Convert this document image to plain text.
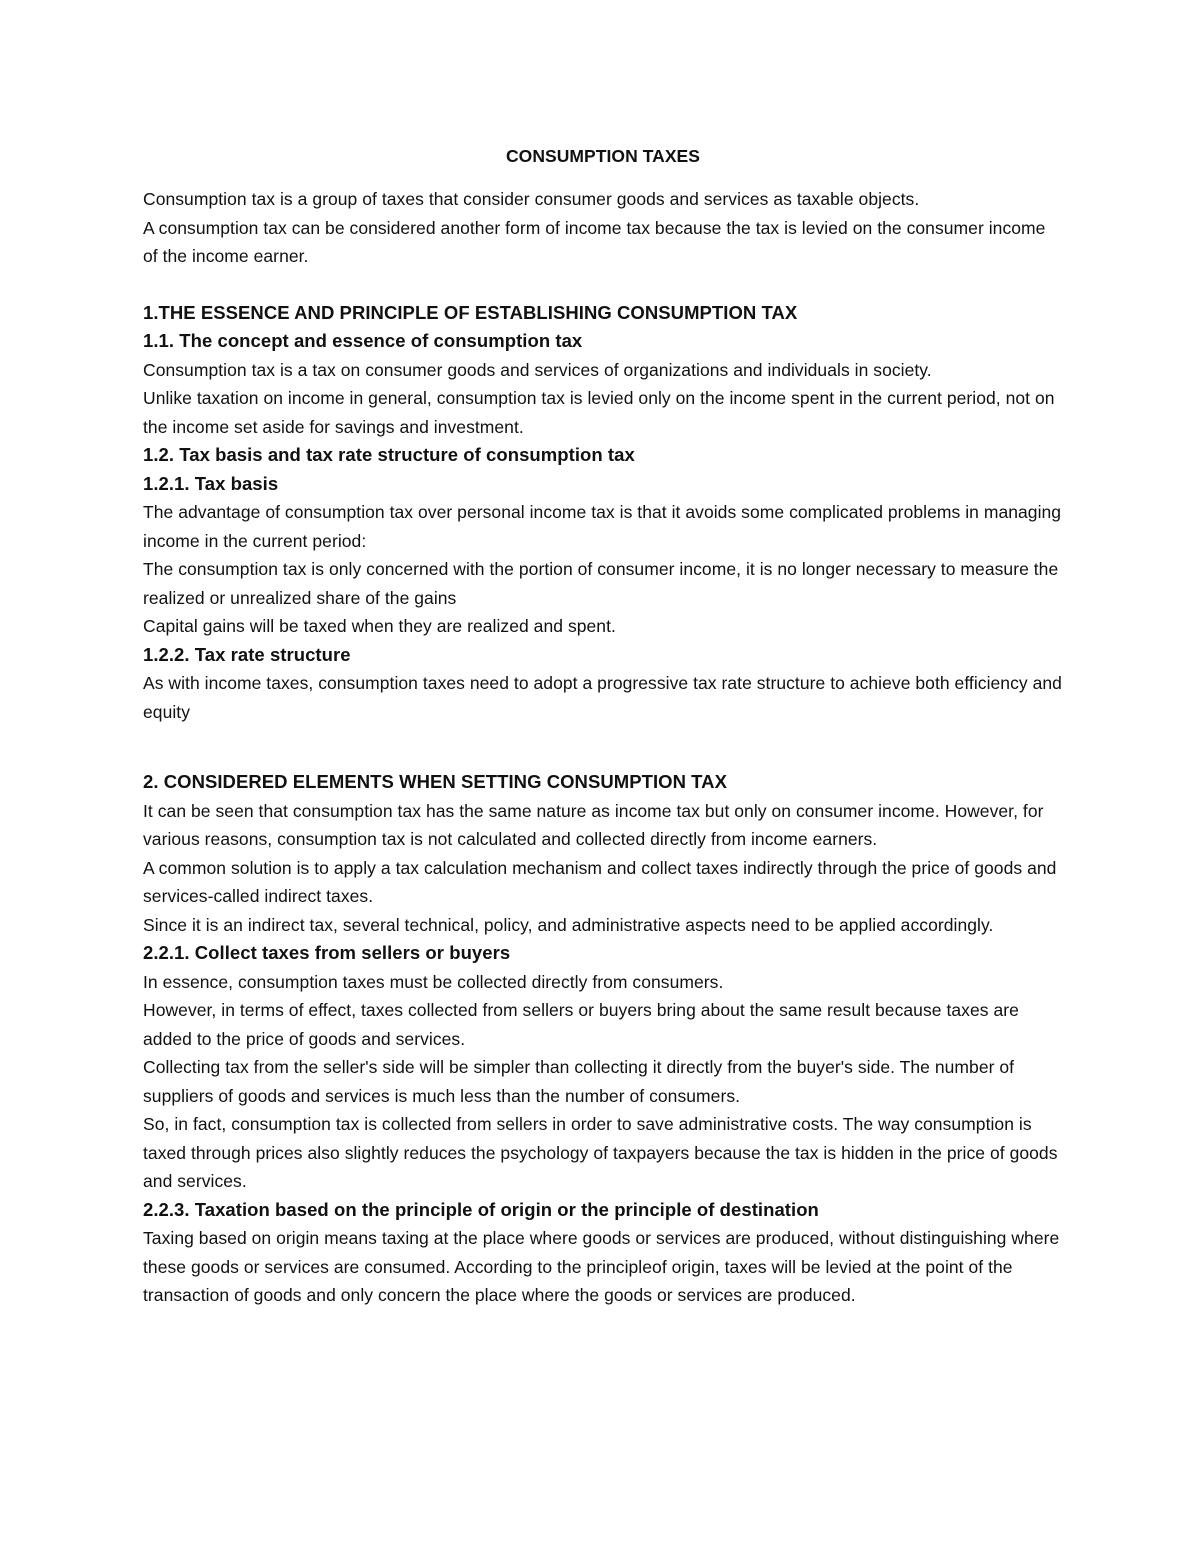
CONSUMPTION TAXES

Consumption tax is a group of taxes that consider consumer goods and services as taxable objects.

A consumption tax can be considered another form of income tax because the tax is levied on the consumer income of the income earner.

1.THE ESSENCE AND PRINCIPLE OF ESTABLISHING CONSUMPTION TAX

1.1. The concept and essence of consumption tax

Consumption tax is a tax on consumer goods and services of organizations and individuals in society.

Unlike taxation on income in general, consumption tax is levied only on the income spent in the current period, not on the income set aside for savings and investment.

1.2. Tax basis and tax rate structure of consumption tax

1.2.1. Tax basis

The advantage of consumption tax over personal income tax is that it avoids some complicated problems in managing income in the current period:

The consumption tax is only concerned with the portion of consumer income, it is no longer necessary to measure the realized or unrealized share of the gains

Capital gains will be taxed when they are realized and spent.

1.2.2. Tax rate structure

As with income taxes, consumption taxes need to adopt a progressive tax rate structure to achieve both efficiency and equity

2. CONSIDERED ELEMENTS WHEN SETTING CONSUMPTION TAX

It can be seen that consumption tax has the same nature as income tax but only on consumer income. However, for various reasons, consumption tax is not calculated and collected directly from income earners.

A common solution is to apply a tax calculation mechanism and collect taxes indirectly through the price of goods and services-called indirect taxes.

Since it is an indirect tax, several technical, policy, and administrative aspects need to be applied accordingly.

2.2.1. Collect taxes from sellers or buyers

In essence, consumption taxes must be collected directly from consumers.

However, in terms of effect, taxes collected from sellers or buyers bring about the same result because taxes are added to the price of goods and services.

Collecting tax from the seller's side will be simpler than collecting it directly from the buyer's side. The number of suppliers of goods and services is much less than the number of consumers.

So, in fact, consumption tax is collected from sellers in order to save administrative costs. The way consumption is taxed through prices also slightly reduces the psychology of taxpayers because the tax is hidden in the price of goods and services.

2.2.3. Taxation based on the principle of origin or the principle of destination

Taxing based on origin means taxing at the place where goods or services are produced, without distinguishing where these goods or services are consumed. According to the principleof origin, taxes will be levied at the point of the transaction of goods and only concern the place where the goods or services are produced.
